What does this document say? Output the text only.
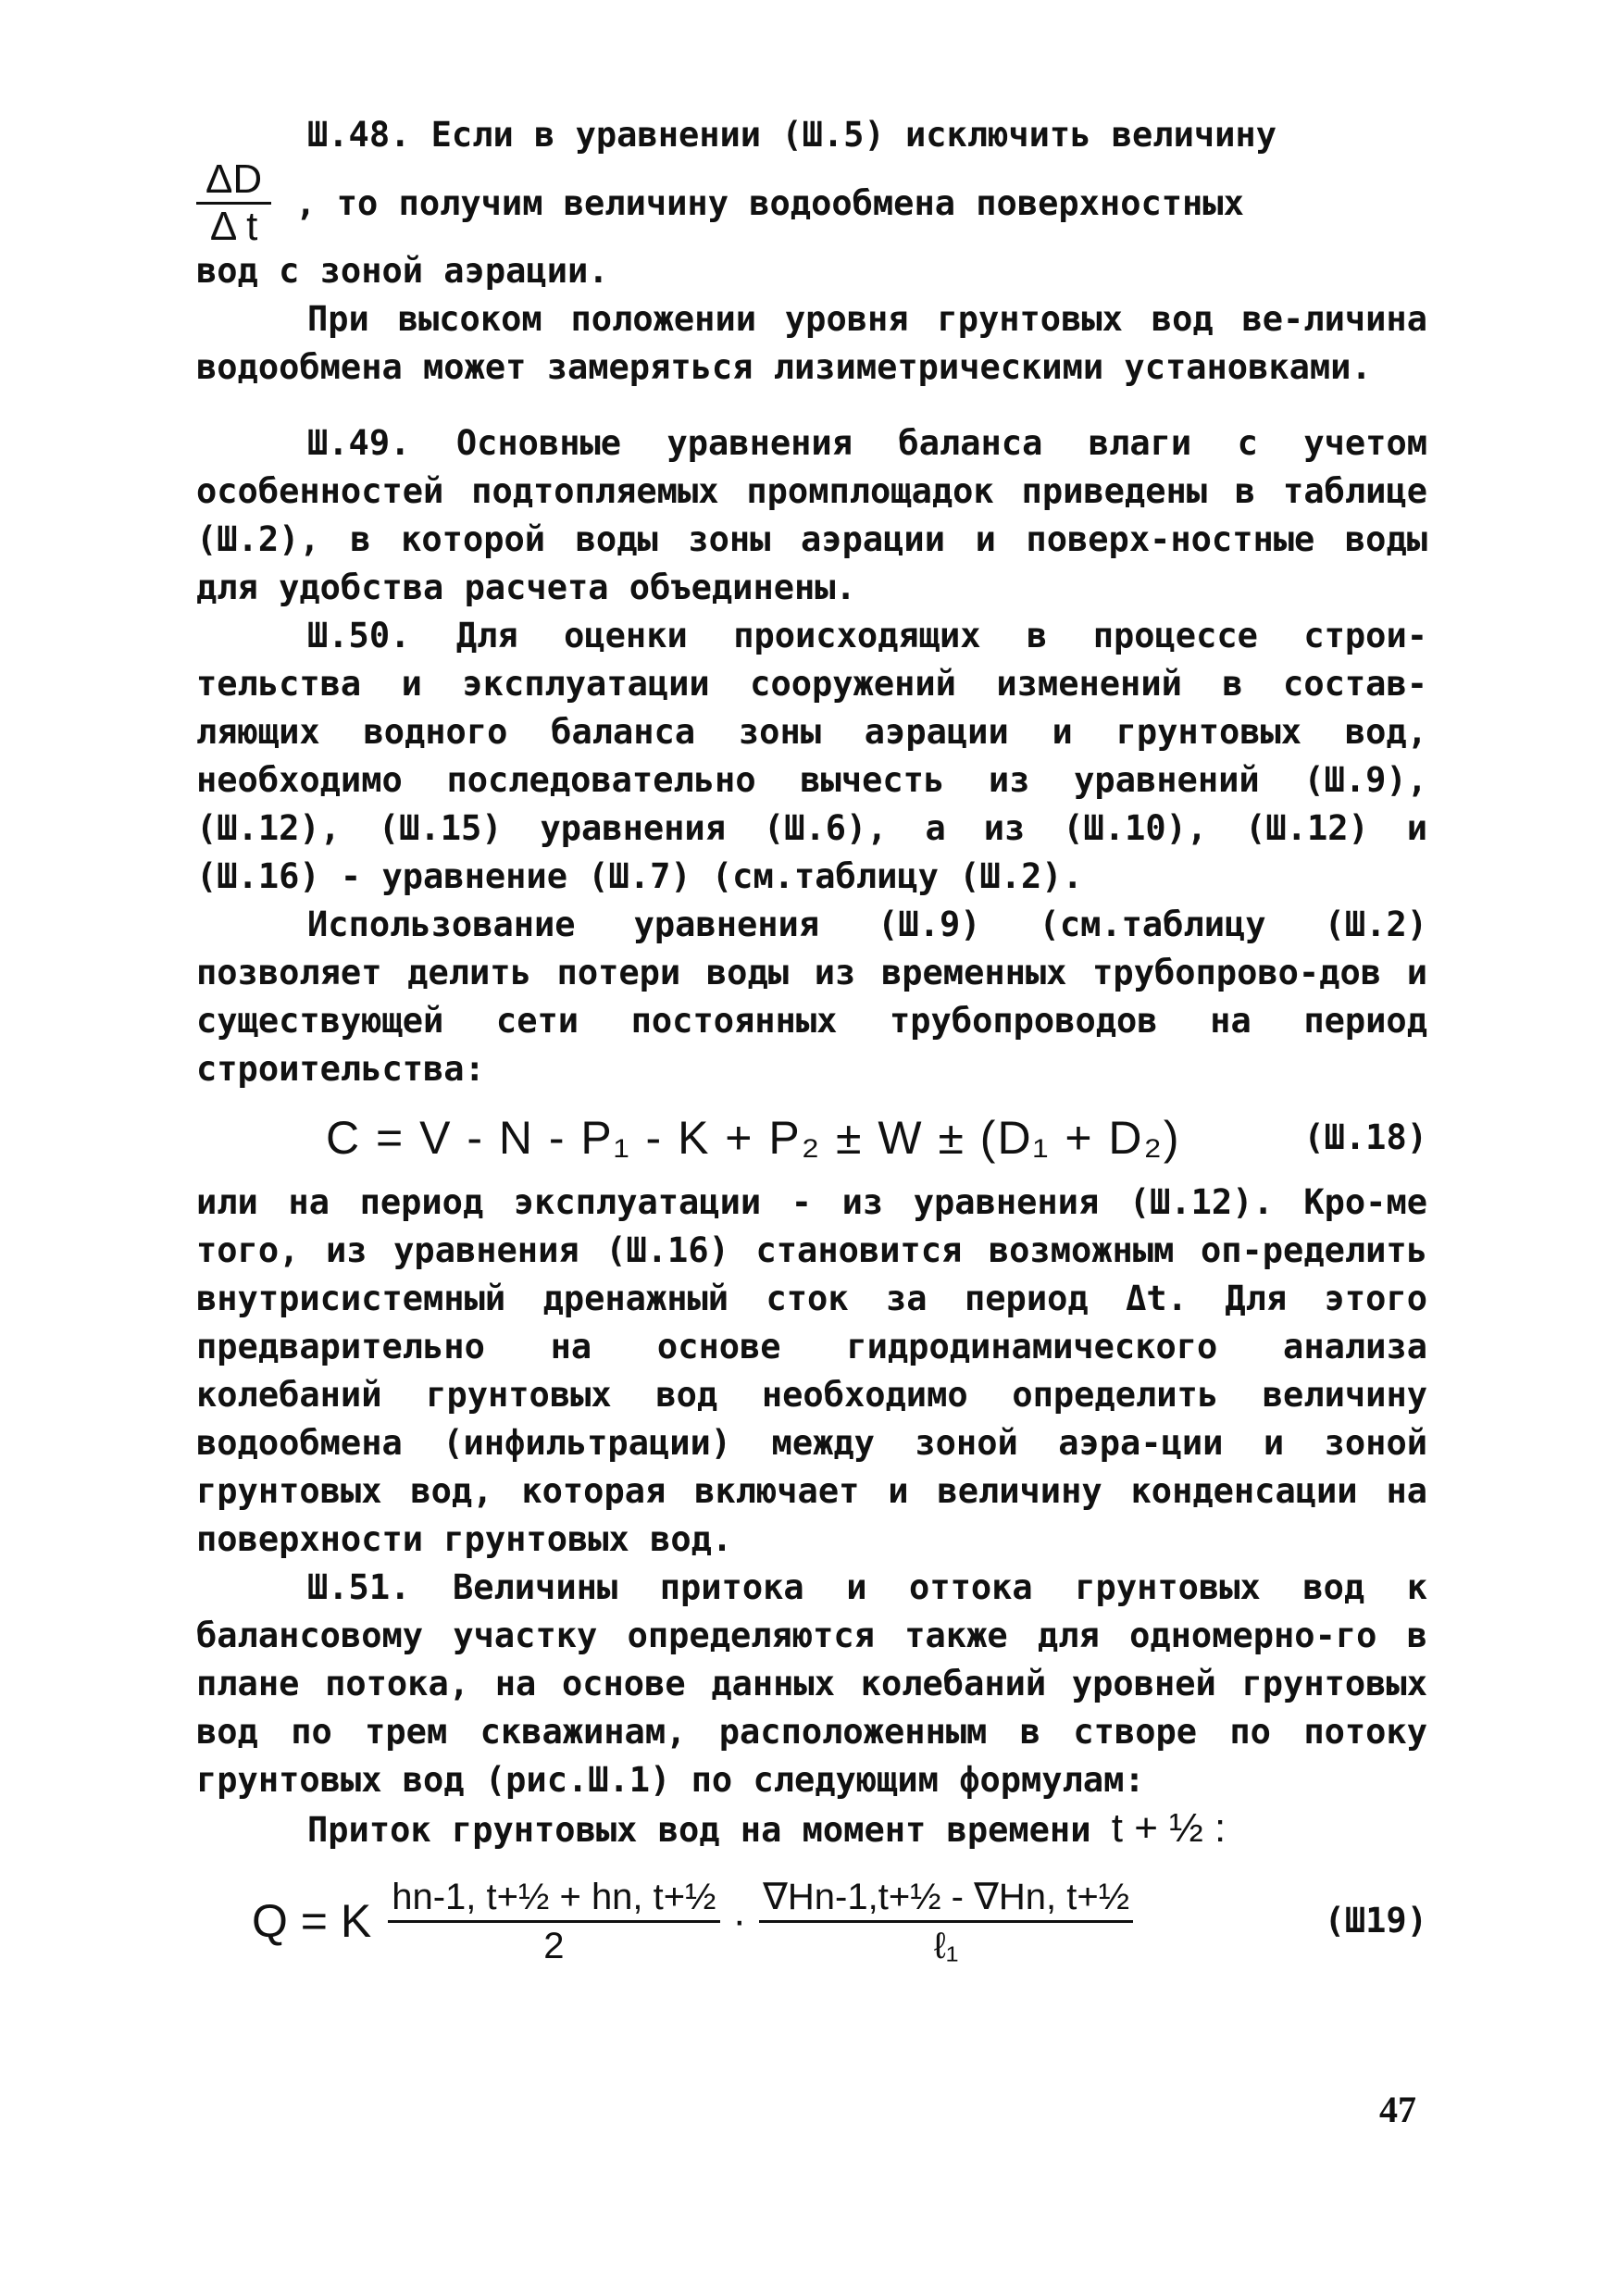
Ш.48. Если в уравнении (Ш.5) исключить величину

$\frac{\Delta D}{\text{Δ t}}$ , то получим величину водообмена поверхностных

вод с зоной аэрации.

При высоком положении уровня грунтовых вод ве-личина водообмена может замеряться лизиметрическими установками.

Ш.49. Основные уравнения баланса влаги с учетом особенностей подтопляемых промплощадок приведены в таблице (Ш.2), в которой воды зоны аэрации и поверх-ностные воды для удобства расчета объединены.

Ш.50. Для оценки происходящих в процессе строи-тельства и эксплуатации сооружений изменений в состав-ляющих водного баланса зоны аэрации и грунтовых вод, необходимо последовательно вычесть из уравнений (Ш.9), (Ш.12), (Ш.15) уравнения (Ш.6), а из (Ш.10), (Ш.12) и (Ш.16) - уравнение (Ш.7) (см.таблицу (Ш.2).

Использование уравнения (Ш.9) (см.таблицу (Ш.2) позволяет делить потери воды из временных трубопрово-дов и существующей сети постоянных трубопроводов на период строительства:

C = V - N - P₁ - K + P₂ ± W ± (D₁ + D₂)	(Ш.18)

или на период эксплуатации - из уравнения (Ш.12). Кро-ме того, из уравнения (Ш.16) становится возможным оп-ределить внутрисистемный дренажный сток за период Δt. Для этого предварительно на основе гидродинамического анализа колебаний грунтовых вод необходимо определить величину водообмена (инфильтрации) между зоной аэра-ции и зоной грунтовых вод, которая включает и величину конденсации на поверхности грунтовых вод.

Ш.51. Величины притока и оттока грунтовых вод к балансовому участку определяются также для одномерно-го в плане потока, на основе данных колебаний уровней грунтовых вод по трем скважинам, расположенным в створе по потоку грунтовых вод (рис.Ш.1) по следующим формулам:

Приток грунтовых вод на момент времени t + ½ :

Q = K $\frac{\text{hn-1, t+½ + hn, t+½}}{2} \cdot \frac{\text{∇Hn-1,t+½ - ∇Hn, t+½}}{\text{ℓ₁}}$	(Ш19)
47
